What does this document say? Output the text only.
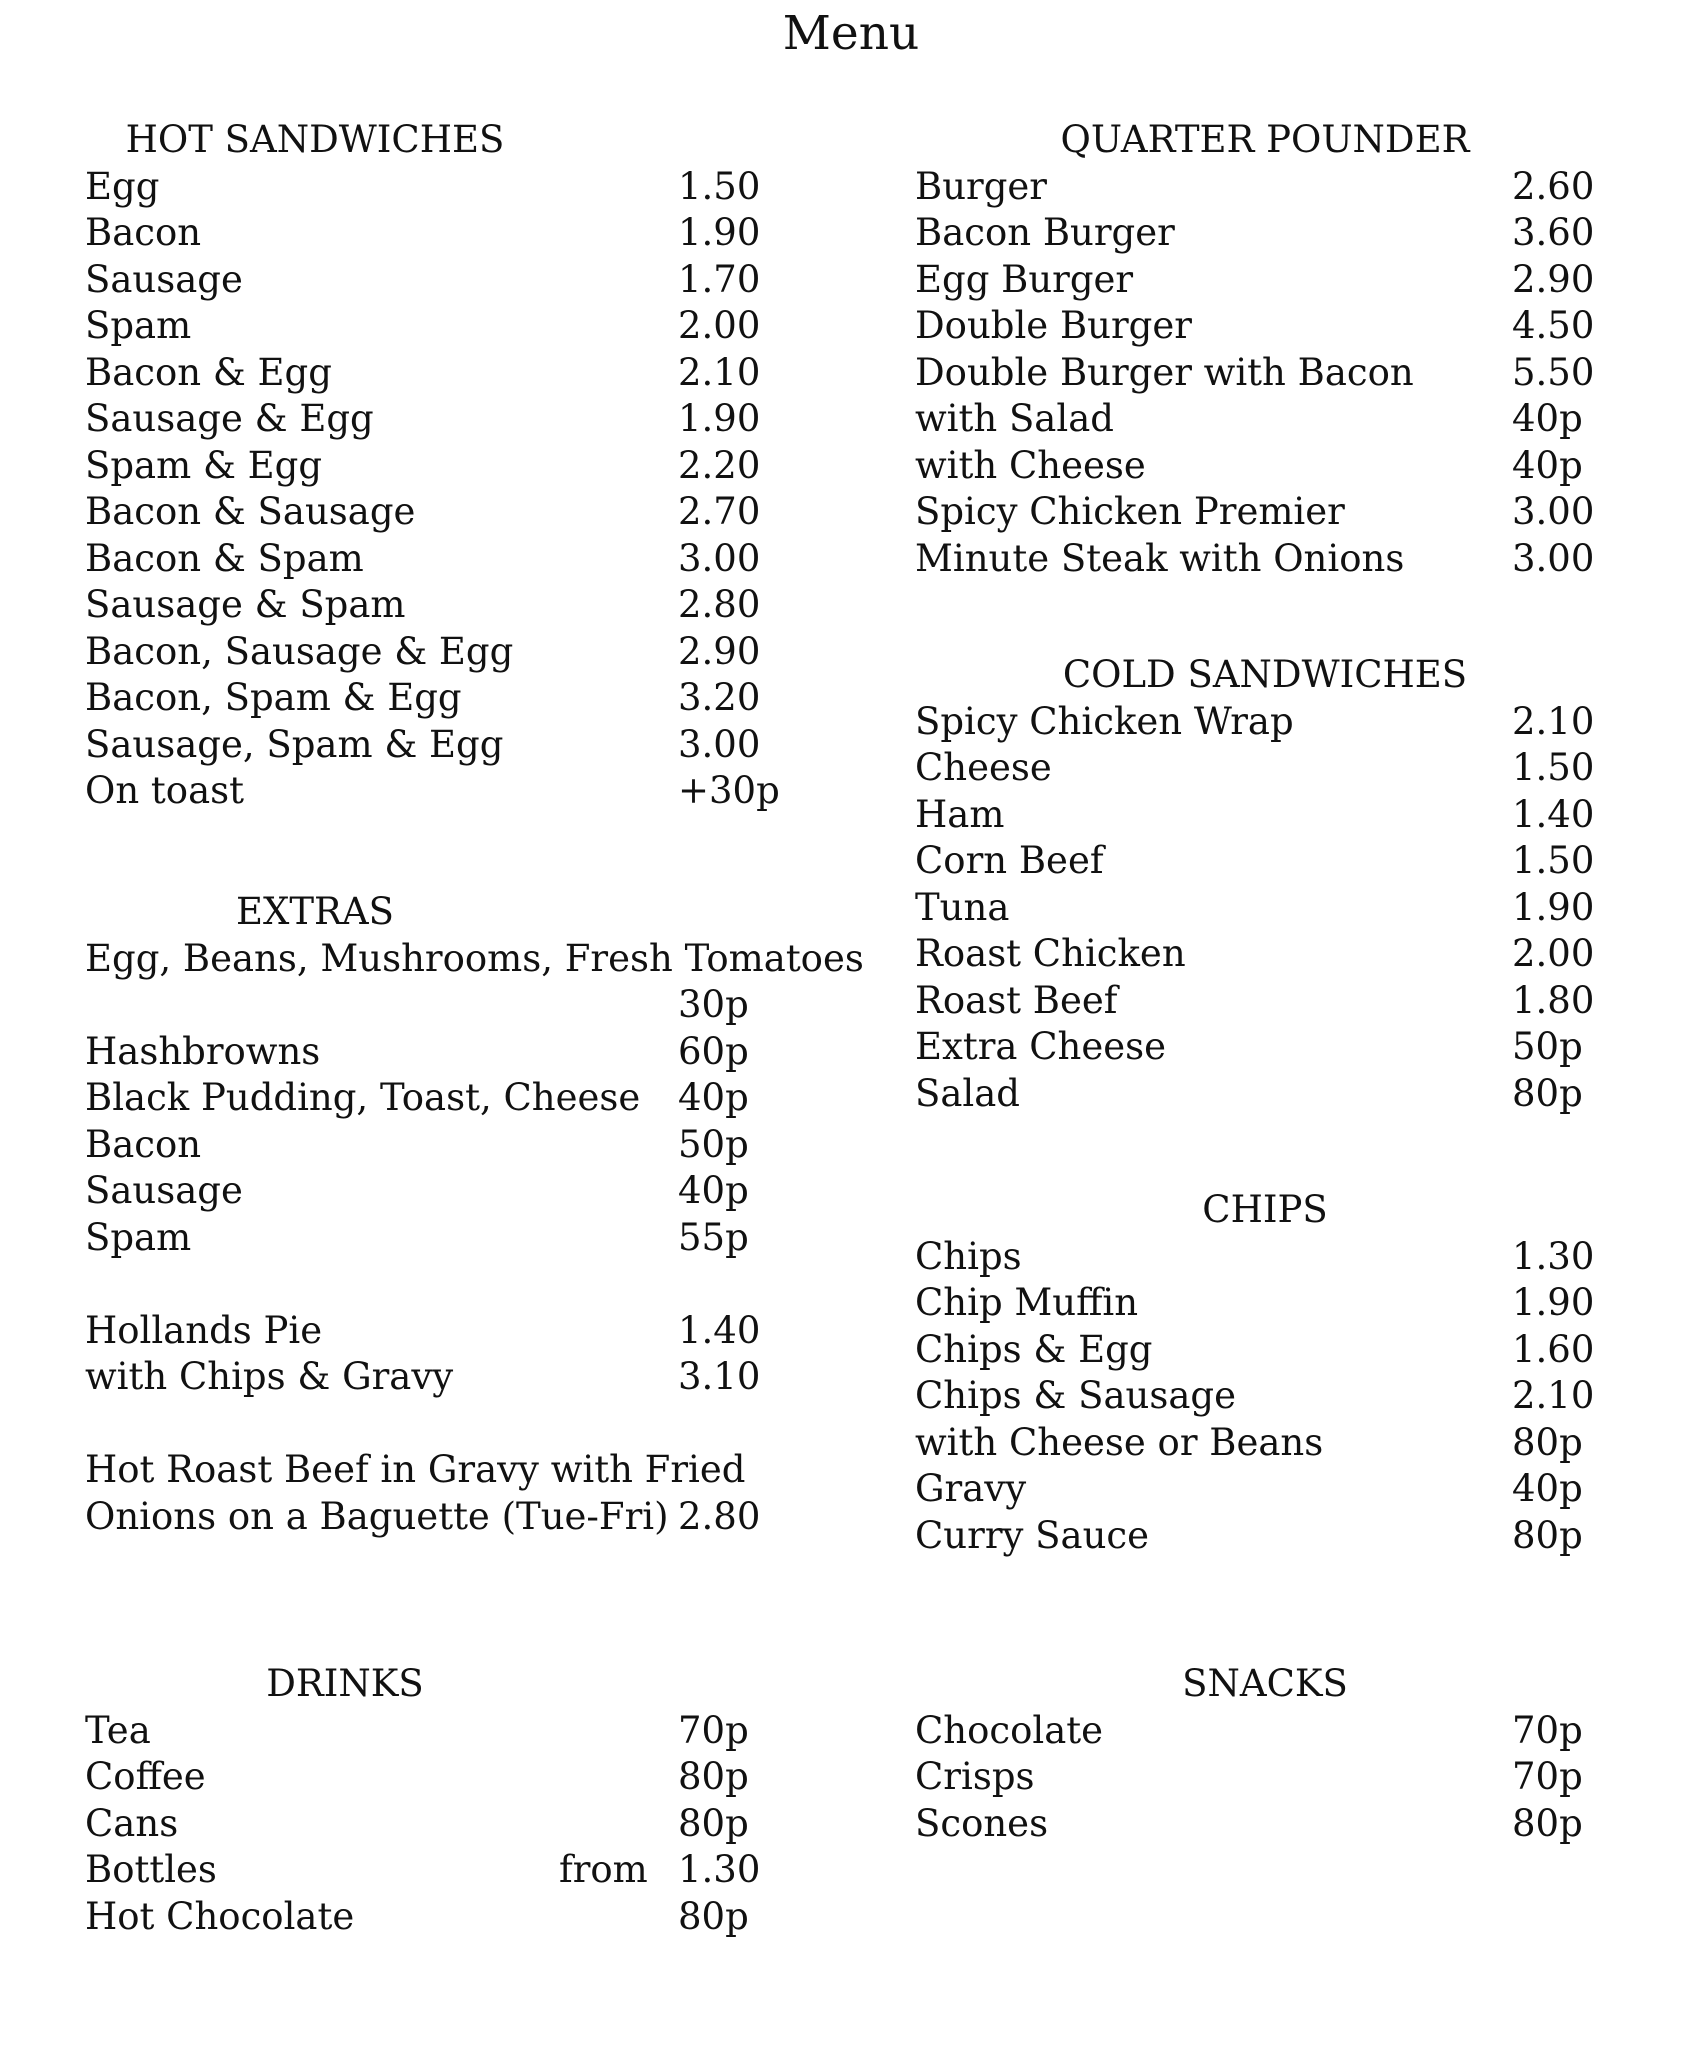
Menu
HOT SANDWICHES
Egg	1.50
Bacon	1.90
Sausage	1.70
Spam	2.00
Bacon & Egg	2.10
Sausage & Egg	1.90
Spam & Egg	2.20
Bacon & Sausage	2.70
Bacon & Spam	3.00
Sausage & Spam	2.80
Bacon, Sausage & Egg	2.90
Bacon, Spam & Egg	3.20
Sausage, Spam & Egg	3.00
On toast	+30p
EXTRAS
Egg, Beans, Mushrooms, Fresh Tomatoes
30p
Hashbrowns	60p
Black Pudding, Toast, Cheese 40p
Bacon	50p
Sausage	40p
Spam	55p
Hollands Pie	1.40
with Chips & Gravy	3.10
Hot Roast Beef in Gravy with Fried
Onions on a Baguette (Tue-Fri) 2.80
DRINKS
Tea	70p
Coffee	80p
Cans	80p
Bottles	from 1.30
Hot Chocolate	80p
QUARTER POUNDER
Burger	2.60
Bacon Burger	3.60
Egg Burger	2.90
Double Burger	4.50
Double Burger with Bacon	5.50
with Salad	40p
with Cheese	40p
Spicy Chicken Premier	3.00
Minute Steak with Onions	3.00
COLD SANDWICHES
Spicy Chicken Wrap	2.10
Cheese	1.50
Ham	1.40
Corn Beef	1.50
Tuna	1.90
Roast Chicken	2.00
Roast Beef	1.80
Extra Cheese	50p
Salad	80p
CHIPS
Chips	1.30
Chip Muffin	1.90
Chips & Egg	1.60
Chips & Sausage	2.10
with Cheese or Beans	80p
Gravy	40p
Curry Sauce	80p
SNACKS
Chocolate	70p
Crisps	70p
Scones	80p
